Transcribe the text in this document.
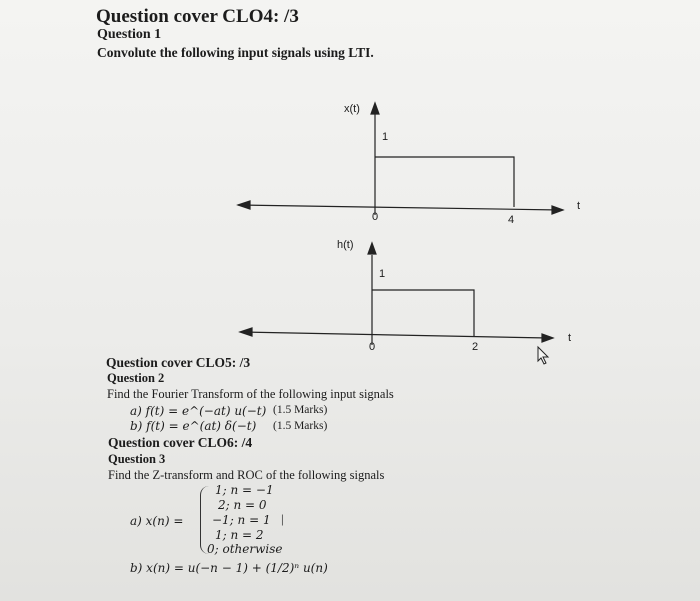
Question cover CLO4: /3
Question 1
Convolute the following input signals using LTI.
x(t)
1
0	4
t
h(t)
1
0	2
t
Question cover CLO5: /3
Question 2
Find the Fourier Transform of the following input signals
a) f(t) = e^(−at) u(−t) (1.5 Marks)
b) f(t) = e^(at) δ(−t) (1.5 Marks)
Question cover CLO6: /4
Question 3
Find the Z-transform and ROC of the following signals
a) x(n) =
1; n = −1
2; n = 0
−1; n = 1
1; n = 2
0; otherwise
|
b) x(n) = u(−n − 1) + (1/2)ⁿ u(n)
